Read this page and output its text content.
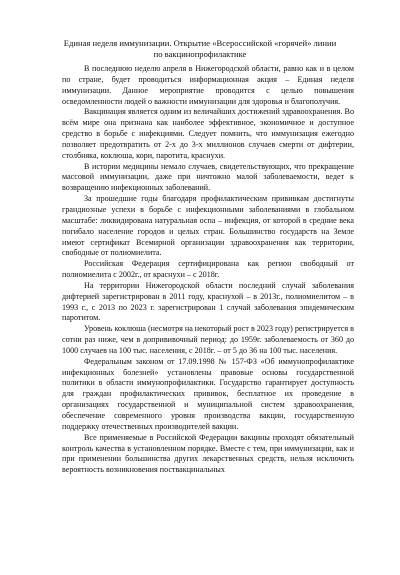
Единая неделя иммунизации. Открытие «Всероссийской «горячей» линии по вакцинопрофилактике

В последнюю неделю апреля в Нижегородской области, равно как и в целом по стране, будет проводиться информационная акция – Единая неделя иммунизации. Данное мероприятие проводится с целью повышения осведомленности людей о важности иммунизации для здоровья и благополучия.

Вакцинация является одним из величайших достижений здравоохранения. Во всём мире она признана как наиболее эффективное, экономичное и доступное средство в борьбе с инфекциями. Следует помнить, что иммунизация ежегодно позволяет предотвратить от 2-х до 3-х миллионов случаев смерти от дифтерии, столбняка, коклюша, кори, паротита, краснухи.

В истории медицины немало случаев, свидетельствующих, что прекращение массовой иммунизации, даже при ничтожно малой заболеваемости, ведет к возвращению инфекционных заболеваний.

За прошедшие годы благодаря профилактическим прививкам достигнуты грандиозные успехи в борьбе с инфекционными заболеваниями в глобальном масштабе: ликвидирована натуральная оспа – инфекция, от которой в средние века погибало население городов и целых стран. Большинство государств на Земле имеют сертификат Всемирной организации здравоохранения как территории, свободные от полиомиелита.

Российская Федерация сертифицирована как регион свободный от полиомиелита с 2002г., от краснухи – с 2018г.

На территории Нижегородской области последний случай заболевания дифтерией зарегистрирован в 2011 году, краснухой – в 2013г., полиомиелитом – в 1993 г., с 2013 по 2023 г. зарегистрирован 1 случай заболевания эпидемическим паротитом.

Уровень коклюша (несмотря на некоторый рост в 2023 году) регистрируется в сотни раз ниже, чем в допрививочный период: до 1959г. заболеваемость от 360 до 1000 случаев на 100 тыс. населения, с 2018г. – от 5 до 36 на 100 тыс. населения.

Федеральным законом от 17.09.1998 № 157-ФЗ «Об иммунопрофилактике инфекционных болезней» установлены правовые основы государственной политики в области иммунопрофилактики. Государство гарантирует доступность для граждан профилактических прививок, бесплатное их проведение в организациях государственной и муниципальной систем здравоохранения, обеспечение современного уровня производства вакцин, государственную поддержку отечественных производителей вакцин.

Все применяемые в Российской Федерации вакцины проходят обязательный контроль качества в установленном порядке. Вместе с тем, при иммунизации, как и при применении большинства других лекарственных средств, нельзя исключить вероятность возникновения поствакцинальных
